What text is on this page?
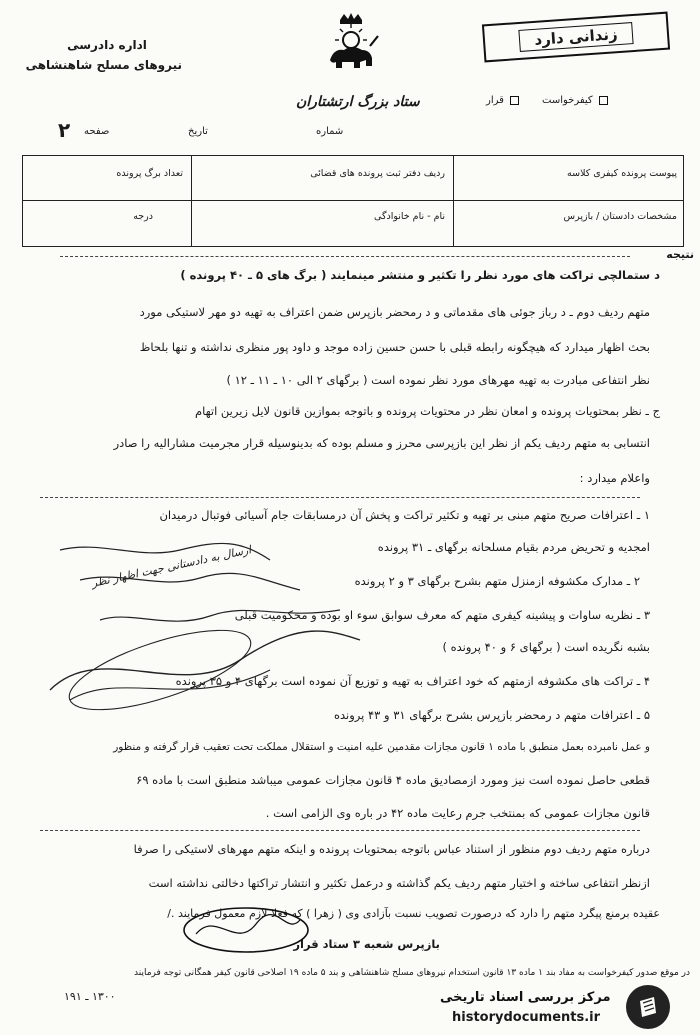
اداره دادرسی
نیروهای مسلح شاهنشاهی
زندانی دارد
کیفرخواست
قرار
ستاد بزرگ ارتشتاران
شماره
تاریخ
صفحه
۲
پیوست پرونده کیفری کلاسه
ردیف دفتر ثبت پرونده های قضائی
تعداد برگ پرونده
مشخصات دادستان / بازپرس
نام - نام خانوادگی
درجه
نتیجه
د ستمالچی تراکت های مورد نظر را تکثیر و منتشر مینمایند ( برگ های ۵ ـ ۴۰ پرونده )
متهم ردیف دوم ـ د رباز جوئی های مقدماتی و د رمحضر بازپرس ضمن اعتراف به تهیه دو مهر لاستیکی مورد
بحث اظهار میدارد که هیچگونه رابطه قبلی با حسن حسین زاده موجد و داود پور منظری نداشته و تنها بلحاظ
نظر انتفاعی مبادرت به تهیه مهرهای مورد نظر نموده است ( برگهای ۲ الی ۱۰ ـ ۱۱ ـ ۱۲ )
ج ـ نظر بمحتویات پرونده و امعان نظر در محتویات پرونده و باتوجه بموازین قانون لایل زیرین اتهام
انتسابی به متهم ردیف یکم از نظر این بازپرسی محرز و مسلم بوده که بدینوسیله قرار مجرمیت مشارالیه را صادر
واعلام میدارد :
۱ ـ اعترافات صریح متهم مبنی بر تهیه و تکثیر تراکت و پخش آن درمسابقات جام آسیائی فوتبال درمیدان
امجدیه و تحریض مردم بقیام مسلحانه برگهای ـ ۳۱ پرونده
۲ ـ مدارک مکشوفه ازمنزل متهم بشرح برگهای ۳ و ۲ پرونده
۳ ـ نظریه ساوات و پیشینه کیفری متهم که معرف سوابق سوء او بوده و محکومیت قبلی
بشبه نگریده است ( برگهای ۶ و ۴۰ پرونده )
۴ ـ تراکت های مکشوفه ازمتهم که خود اعتراف به تهیه و توزیع آن نموده است برگهای ۴ و ۳۵ پرونده
۵ ـ اعترافات متهم د رمحضر بازپرس بشرح برگهای ۳۱ و ۴۳ پرونده
و عمل نامبرده بعمل منطبق با ماده ۱ قانون مجازات مقدمین علیه امنیت و استقلال مملکت تحت تعقیب قرار گرفته و منظور
قطعی حاصل نموده است نیز ومورد ازمصادیق ماده ۴ قانون مجازات عمومی میباشد منطبق است با ماده ۶۹
قانون مجازات عمومی که بمنتخب جرم رعایت ماده ۴۲ در باره وی الزامی است .
درباره متهم ردیف دوم منظور از استناد عباس باتوجه بمحتویات پرونده و اینکه متهم مهرهای لاستیکی را صرفا
ازنظر انتفاعی ساخته و اختیار متهم ردیف یکم گذاشته و درعمل تکثیر و انتشار تراکتها دخالتی نداشته است
عقیده برمنع پیگرد متهم را دارد که درصورت تصویب نسبت بآزادی وی ( زهرا ) که فعلا لازم معمول فرمایند ./
بازپرس شعبه ۳ ستاد قرار
ارسال به دادستانی جهت اظهار نظر
در موقع صدور کیفرخواست به مفاد بند ۱ ماده ۱۳ قانون استخدام نیروهای مسلح شاهنشاهی و بند ۵ ماده ۱۹ اصلاحی قانون کیفر همگانی توجه فرمایند
۱۳۰۰ ـ ۱۹۱	مرکز بررسی اسناد تاریخی
historydocuments.ir
